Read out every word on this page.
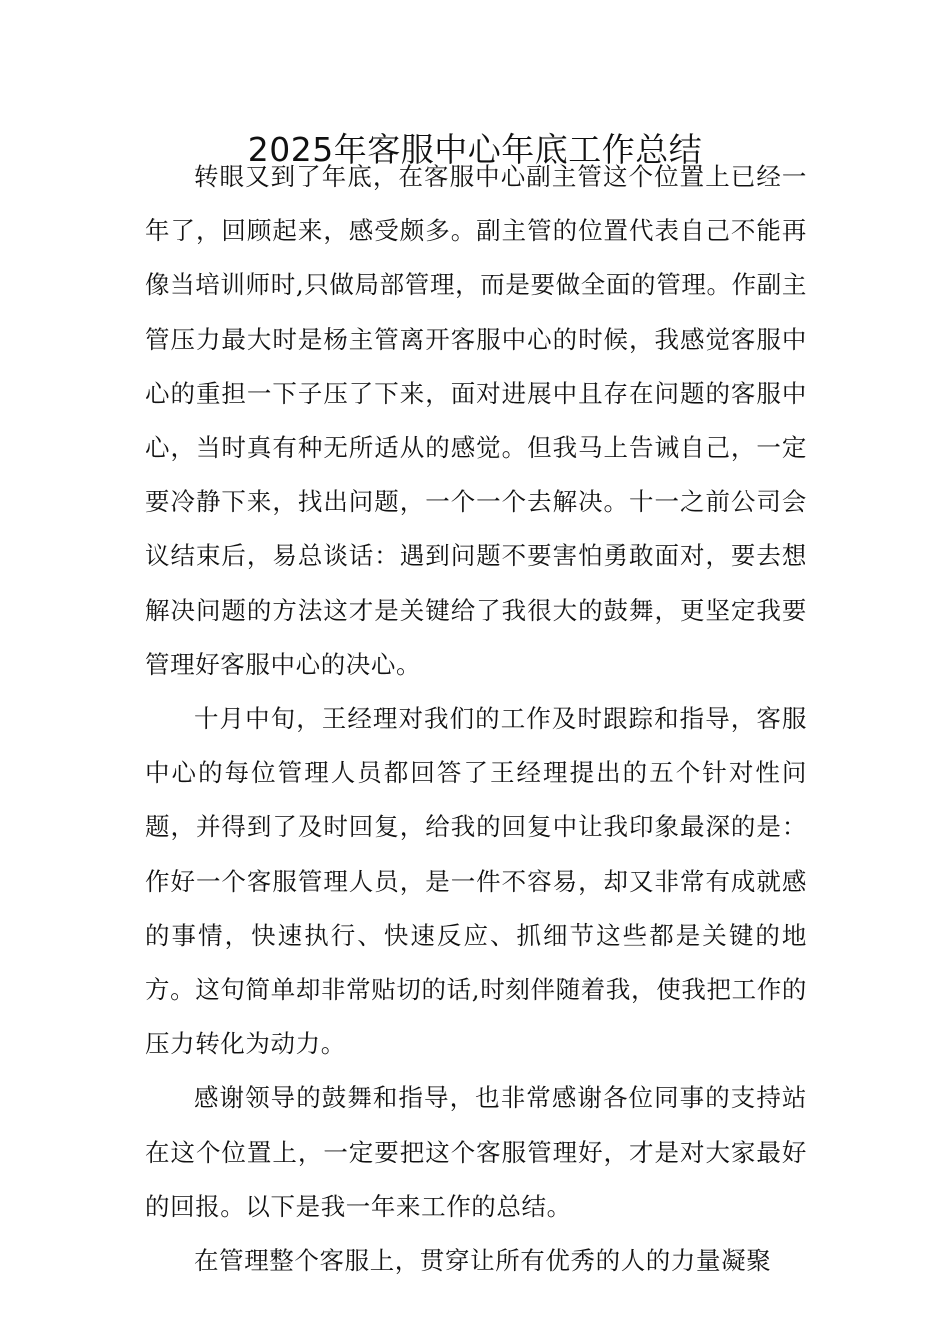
2025年客服中心年底工作总结

转眼又到了年底，在客服中心副主管这个位置上已经一年了，回顾起来，感受颇多。副主管的位置代表自己不能再像当培训师时,只做局部管理，而是要做全面的管理。作副主管压力最大时是杨主管离开客服中心的时候，我感觉客服中心的重担一下子压了下来，面对进展中且存在问题的客服中心，当时真有种无所适从的感觉。但我马上告诫自己，一定要冷静下来，找出问题，一个一个去解决。十一之前公司会议结束后，易总谈话：遇到问题不要害怕勇敢面对，要去想解决问题的方法这才是关键给了我很大的鼓舞，更坚定我要管理好客服中心的决心。

十月中旬，王经理对我们的工作及时跟踪和指导，客服中心的每位管理人员都回答了王经理提出的五个针对性问题，并得到了及时回复，给我的回复中让我印象最深的是：作好一个客服管理人员，是一件不容易，却又非常有成就感的事情，快速执行、快速反应、抓细节这些都是关键的地方。这句简单却非常贴切的话,时刻伴随着我，使我把工作的压力转化为动力。

感谢领导的鼓舞和指导，也非常感谢各位同事的支持站在这个位置上，一定要把这个客服管理好，才是对大家最好的回报。以下是我一年来工作的总结。

在管理整个客服上，贯穿让所有优秀的人的力量凝聚
